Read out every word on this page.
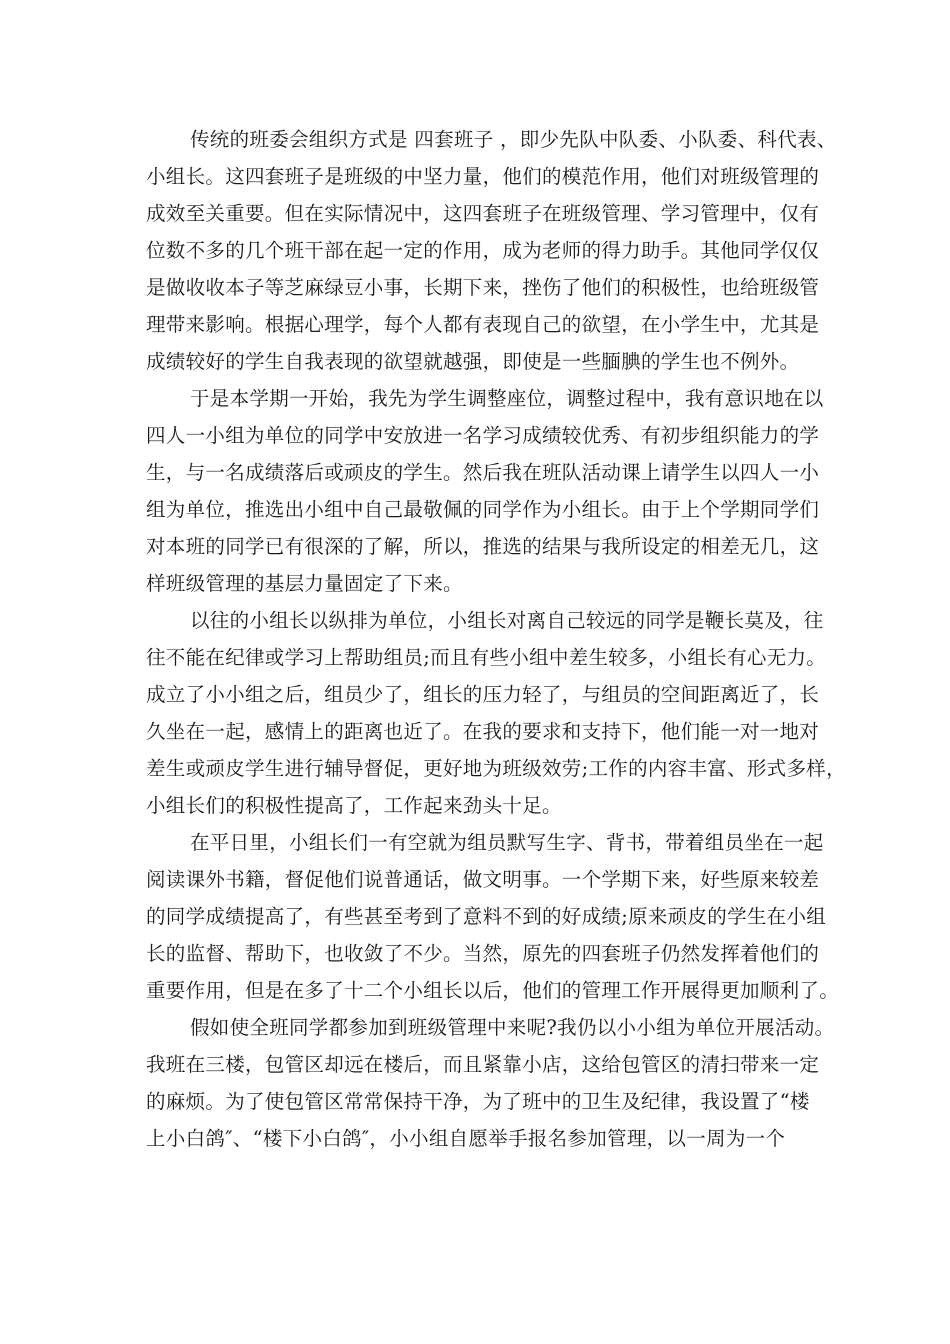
传统的班委会组织方式是 四套班子 ，即少先队中队委、小队委、科代表、
小组长。这四套班子是班级的中坚力量，他们的模范作用，他们对班级管理的
成效至关重要。但在实际情况中，这四套班子在班级管理、学习管理中，仅有
位数不多的几个班干部在起一定的作用，成为老师的得力助手。其他同学仅仅
是做收收本子等芝麻绿豆小事，长期下来，挫伤了他们的积极性，也给班级管
理带来影响。根据心理学，每个人都有表现自己的欲望，在小学生中，尤其是
成绩较好的学生自我表现的欲望就越强，即使是一些腼腆的学生也不例外。
于是本学期一开始，我先为学生调整座位，调整过程中，我有意识地在以
四人一小组为单位的同学中安放进一名学习成绩较优秀、有初步组织能力的学
生，与一名成绩落后或顽皮的学生。然后我在班队活动课上请学生以四人一小
组为单位，推选出小组中自己最敬佩的同学作为小组长。由于上个学期同学们
对本班的同学已有很深的了解，所以，推选的结果与我所设定的相差无几，这
样班级管理的基层力量固定了下来。
以往的小组长以纵排为单位，小组长对离自己较远的同学是鞭长莫及，往
往不能在纪律或学习上帮助组员;而且有些小组中差生较多，小组长有心无力。
成立了小小组之后，组员少了，组长的压力轻了，与组员的空间距离近了，长
久坐在一起，感情上的距离也近了。在我的要求和支持下，他们能一对一地对
差生或顽皮学生进行辅导督促，更好地为班级效劳;工作的内容丰富、形式多样，
小组长们的积极性提高了，工作起来劲头十足。
在平日里，小组长们一有空就为组员默写生字、背书，带着组员坐在一起
阅读课外书籍，督促他们说普通话，做文明事。一个学期下来，好些原来较差
的同学成绩提高了，有些甚至考到了意料不到的好成绩;原来顽皮的学生在小组
长的监督、帮助下，也收敛了不少。当然，原先的四套班子仍然发挥着他们的
重要作用，但是在多了十二个小组长以后，他们的管理工作开展得更加顺利了。
假如使全班同学都参加到班级管理中来呢?我仍以小小组为单位开展活动。
我班在三楼，包管区却远在楼后，而且紧靠小店，这给包管区的清扫带来一定
的麻烦。为了使包管区常常保持干净，为了班中的卫生及纪律，我设置了“楼
上小白鸽″、“楼下小白鸽″，小小组自愿举手报名参加管理，以一周为一个
